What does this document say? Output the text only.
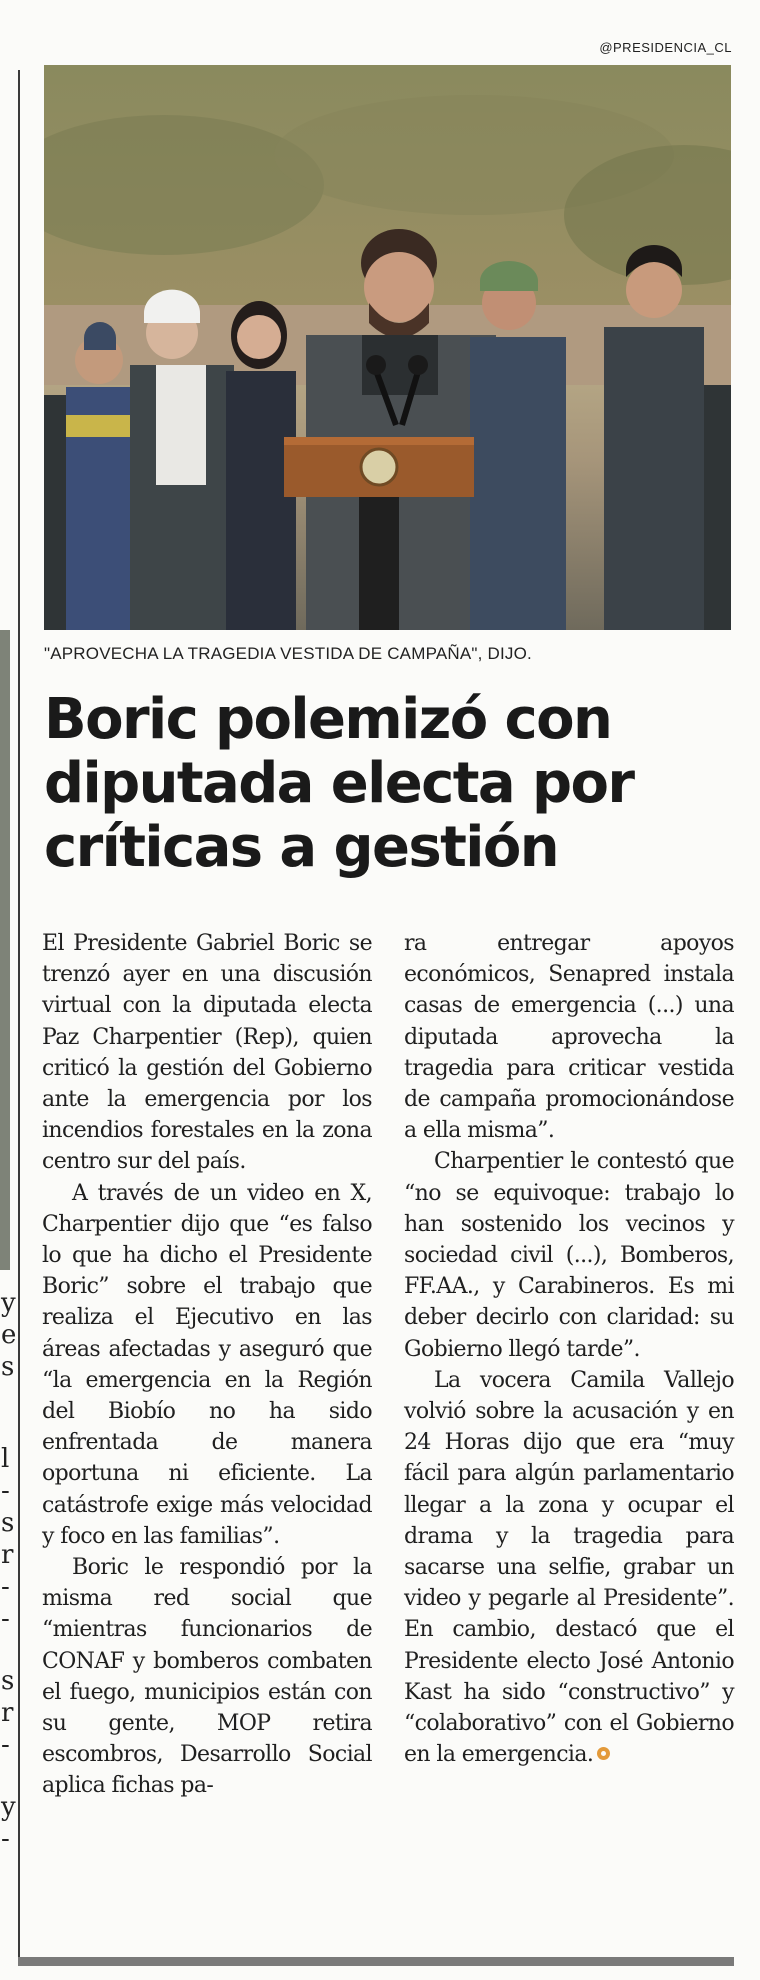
y
e
s
l
-
s
r
-
-
s
r
-
y
-
@PRESIDENCIA_CL
"APROVECHA LA TRAGEDIA VESTIDA DE CAMPAÑA", DIJO.
Boric polemizó con
diputada electa por
críticas a gestión

El Presidente Gabriel Boric se trenzó ayer en una discusión virtual con la diputada electa Paz Charpentier (Rep), quien criticó la gestión del Gobierno ante la emergencia por los incendios forestales en la zona centro sur del país.

A través de un video en X, Charpentier dijo que “es falso lo que ha dicho el Presidente Boric” sobre el trabajo que realiza el Ejecutivo en las áreas afectadas y aseguró que “la emergencia en la Región del Biobío no ha sido enfrentada de manera oportuna ni eficiente. La catástrofe exige más velocidad y foco en las familias”.

Boric le respondió por la misma red social que “mientras funcionarios de CONAF y bomberos combaten el fuego, municipios están con su gente, MOP retira escombros, Desarrollo Social aplica fichas pa-

ra entregar apoyos económicos, Senapred instala casas de emergencia (...) una diputada aprovecha la tragedia para criticar vestida de campaña promocionándose a ella misma”.

Charpentier le contestó que “no se equivoque: trabajo lo han sostenido los vecinos y sociedad civil (...), Bomberos, FF.AA., y Carabineros. Es mi deber decirlo con claridad: su Gobierno llegó tarde”.

La vocera Camila Vallejo volvió sobre la acusación y en 24 Horas dijo que era “muy fácil para algún parlamentario llegar a la zona y ocupar el drama y la tragedia para sacarse una selfie, grabar un video y pegarle al Presidente”. En cambio, destacó que el Presidente electo José Antonio Kast ha sido “constructivo” y “colaborativo” con el Gobierno en la emergencia.
